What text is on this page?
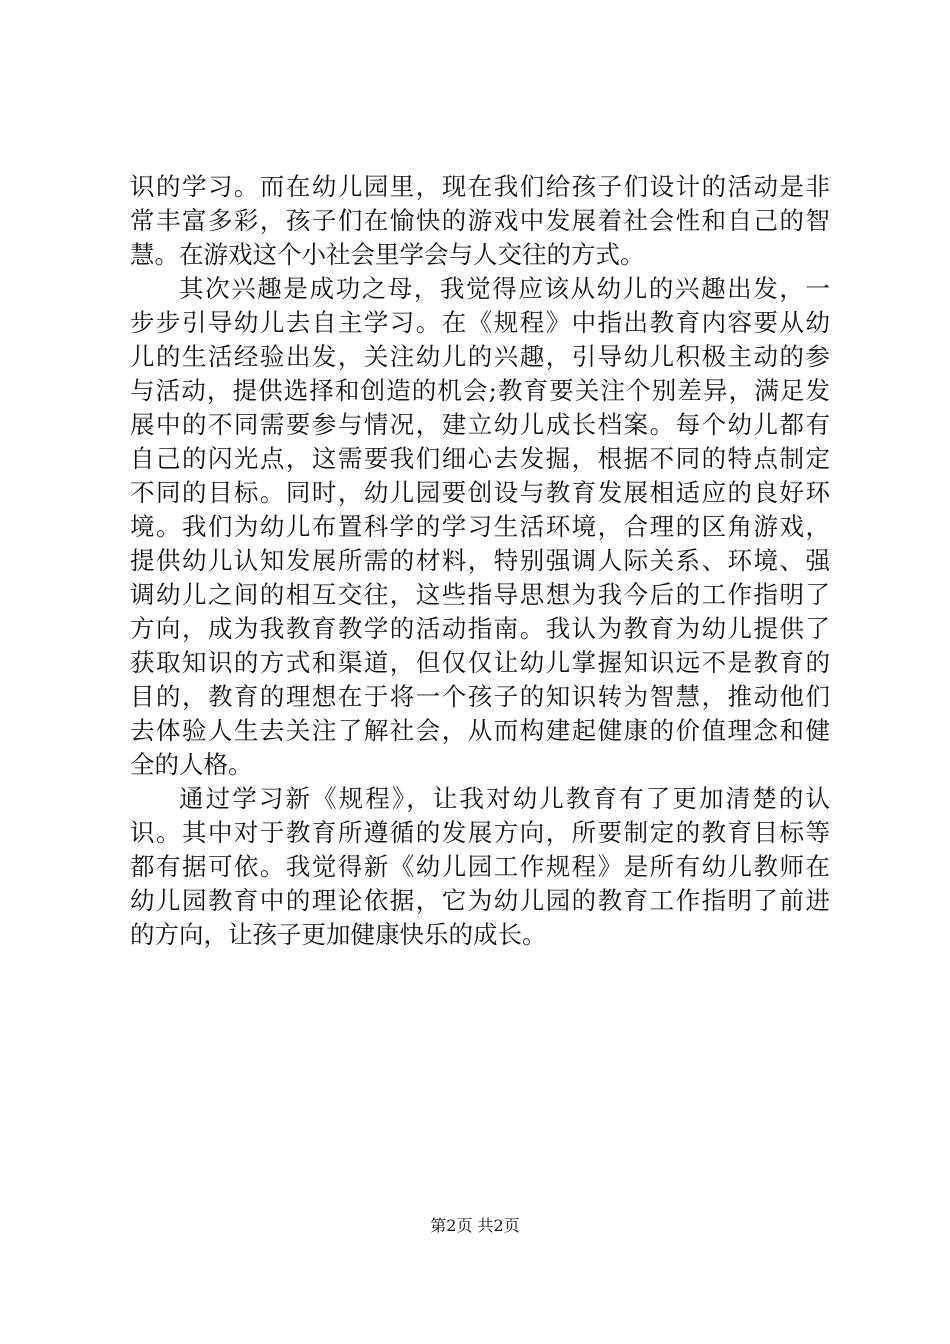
识的学习。而在幼儿园里，现在我们给孩子们设计的活动是非
常丰富多彩，孩子们在愉快的游戏中发展着社会性和自己的智
慧。在游戏这个小社会里学会与人交往的方式。
其次兴趣是成功之母，我觉得应该从幼儿的兴趣出发，一
步步引导幼儿去自主学习。在《规程》中指出教育内容要从幼
儿的生活经验出发，关注幼儿的兴趣，引导幼儿积极主动的参
与活动，提供选择和创造的机会;教育要关注个别差异，满足发
展中的不同需要参与情况，建立幼儿成长档案。每个幼儿都有
自己的闪光点，这需要我们细心去发掘，根据不同的特点制定
不同的目标。同时，幼儿园要创设与教育发展相适应的良好环
境。我们为幼儿布置科学的学习生活环境，合理的区角游戏，
提供幼儿认知发展所需的材料，特别强调人际关系、环境、强
调幼儿之间的相互交往，这些指导思想为我今后的工作指明了
方向，成为我教育教学的活动指南。我认为教育为幼儿提供了
获取知识的方式和渠道，但仅仅让幼儿掌握知识远不是教育的
目的，教育的理想在于将一个孩子的知识转为智慧，推动他们
去体验人生去关注了解社会，从而构建起健康的价值理念和健
全的人格。
通过学习新《规程》，让我对幼儿教育有了更加清楚的认
识。其中对于教育所遵循的发展方向，所要制定的教育目标等
都有据可依。我觉得新《幼儿园工作规程》是所有幼儿教师在
幼儿园教育中的理论依据，它为幼儿园的教育工作指明了前进
的方向，让孩子更加健康快乐的成长。
第2页 共2页
